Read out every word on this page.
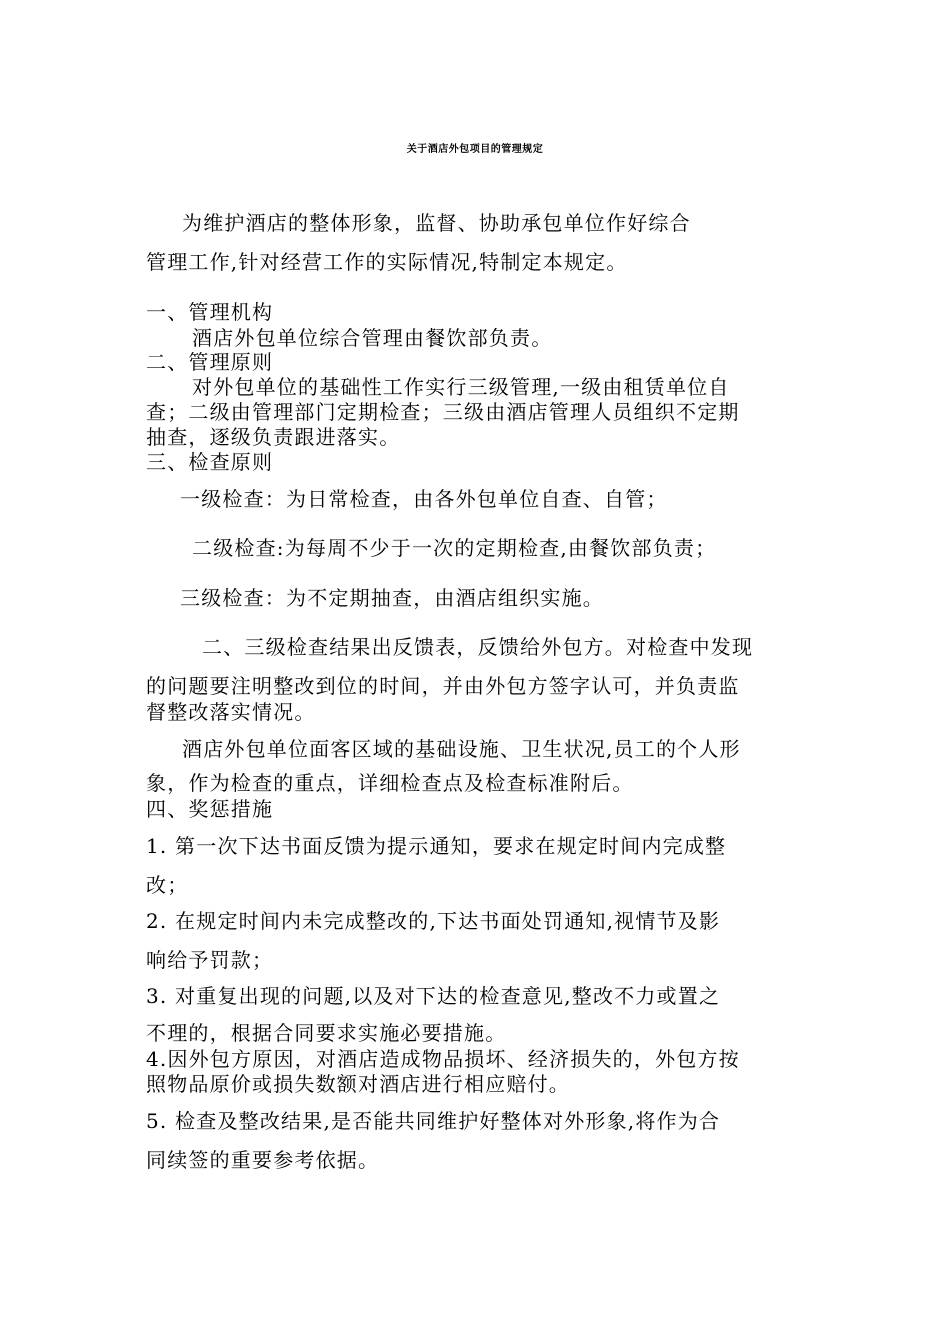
关于酒店外包项目的管理规定
为维护酒店的整体形象，监督、协助承包单位作好综合
管理工作,针对经营工作的实际情况,特制定本规定。
一、管理机构
酒店外包单位综合管理由餐饮部负责。
二、管理原则
对外包单位的基础性工作实行三级管理,一级由租赁单位自
查；二级由管理部门定期检查；三级由酒店管理人员组织不定期
抽查，逐级负责跟进落实。
三、检查原则
一级检查：为日常检查，由各外包单位自查、自管；
二级检查:为每周不少于一次的定期检查,由餐饮部负责；
三级检查：为不定期抽查，由酒店组织实施。
二、三级检查结果出反馈表，反馈给外包方。对检查中发现
的问题要注明整改到位的时间，并由外包方签字认可，并负责监
督整改落实情况。
酒店外包单位面客区域的基础设施、卫生状况,员工的个人形
象，作为检查的重点，详细检查点及检查标准附后。
四、奖惩措施
1. 第一次下达书面反馈为提示通知，要求在规定时间内完成整
改；
2. 在规定时间内未完成整改的,下达书面处罚通知,视情节及影
响给予罚款；
3. 对重复出现的问题,以及对下达的检查意见,整改不力或置之
不理的，根据合同要求实施必要措施。
4.因外包方原因，对酒店造成物品损坏、经济损失的，外包方按
照物品原价或损失数额对酒店进行相应赔付。
5. 检查及整改结果,是否能共同维护好整体对外形象,将作为合
同续签的重要参考依据。
